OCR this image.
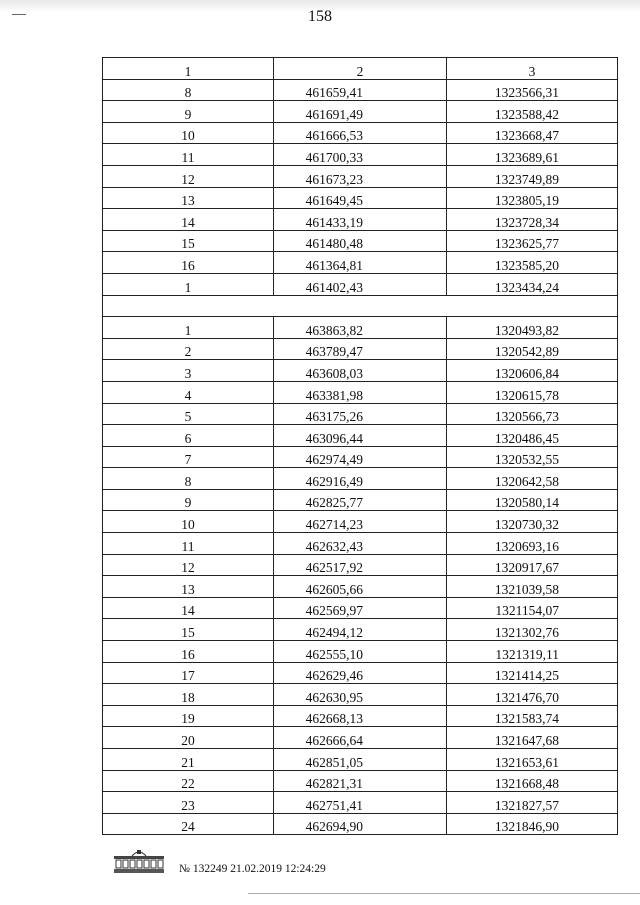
158
1	2	3
8	461659,41	1323566,31
9	461691,49	1323588,42
10	461666,53	1323668,47
11	461700,33	1323689,61
12	461673,23	1323749,89
13	461649,45	1323805,19
14	461433,19	1323728,34
15	461480,48	1323625,77
16	461364,81	1323585,20
1	461402,43	1323434,24

1	463863,82	1320493,82
2	463789,47	1320542,89
3	463608,03	1320606,84
4	463381,98	1320615,78
5	463175,26	1320566,73
6	463096,44	1320486,45
7	462974,49	1320532,55
8	462916,49	1320642,58
9	462825,77	1320580,14
10	462714,23	1320730,32
11	462632,43	1320693,16
12	462517,92	1320917,67
13	462605,66	1321039,58
14	462569,97	1321154,07
15	462494,12	1321302,76
16	462555,10	1321319,11
17	462629,46	1321414,25
18	462630,95	1321476,70
19	462668,13	1321583,74
20	462666,64	1321647,68
21	462851,05	1321653,61
22	462821,31	1321668,48
23	462751,41	1321827,57
24	462694,90	1321846,90
№ 132249 21.02.2019 12:24:29
